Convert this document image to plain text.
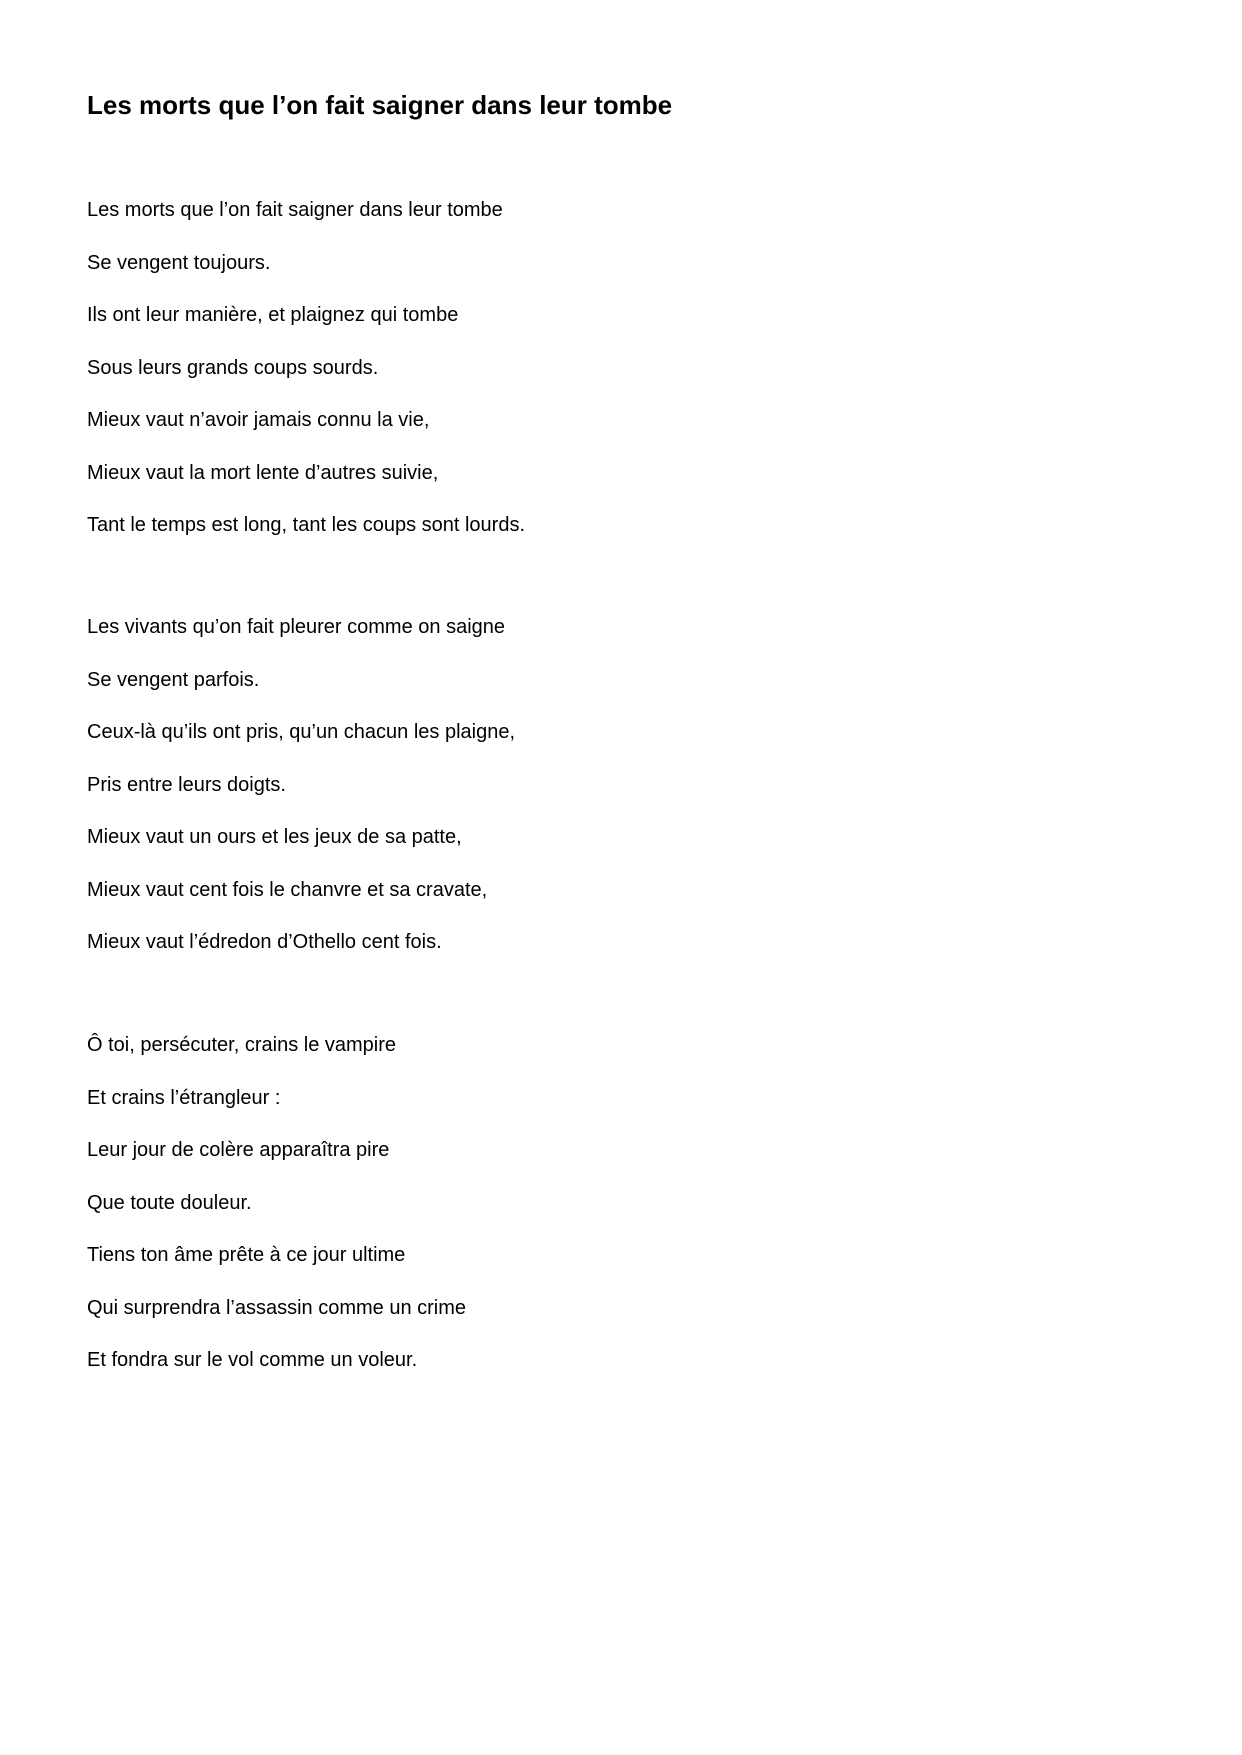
Les morts que l’on fait saigner dans leur tombe
Les morts que l’on fait saigner dans leur tombe
Se vengent toujours.
Ils ont leur manière, et plaignez qui tombe
Sous leurs grands coups sourds.
Mieux vaut n’avoir jamais connu la vie,
Mieux vaut la mort lente d’autres suivie,
Tant le temps est long, tant les coups sont lourds.
Les vivants qu’on fait pleurer comme on saigne
Se vengent parfois.
Ceux-là qu’ils ont pris, qu’un chacun les plaigne,
Pris entre leurs doigts.
Mieux vaut un ours et les jeux de sa patte,
Mieux vaut cent fois le chanvre et sa cravate,
Mieux vaut l’édredon d’Othello cent fois.
Ô toi, persécuter, crains le vampire
Et crains l’étrangleur :
Leur jour de colère apparaîtra pire
Que toute douleur.
Tiens ton âme prête à ce jour ultime
Qui surprendra l’assassin comme un crime
Et fondra sur le vol comme un voleur.
